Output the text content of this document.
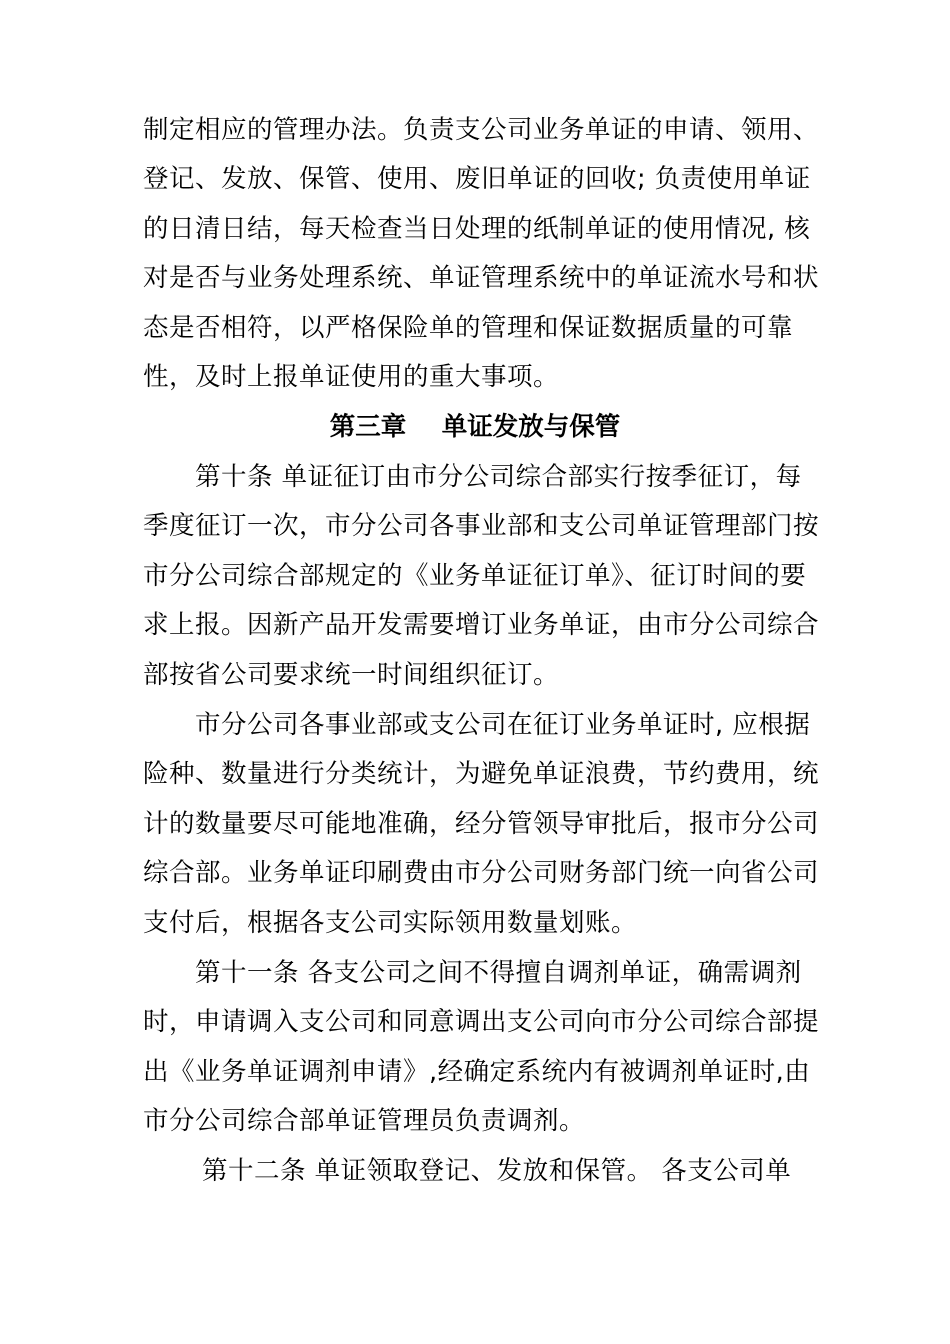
制定相应的管理办法。负责支公司业务单证的申请、领用、
登记、发放、保管、使用、废旧单证的回收; 负责使用单证
的日清日结，每天检查当日处理的纸制单证的使用情况, 核
对是否与业务处理系统、单证管理系统中的单证流水号和状
态是否相符，以严格保险单的管理和保证数据质量的可靠
性，及时上报单证使用的重大事项。
第三章    单证发放与保管
第十条 单证征订由市分公司综合部实行按季征订，每
季度征订一次，市分公司各事业部和支公司单证管理部门按
市分公司综合部规定的《业务单证征订单》、征订时间的要
求上报。因新产品开发需要增订业务单证，由市分公司综合
部按省公司要求统一时间组织征订。
市分公司各事业部或支公司在征订业务单证时, 应根据
险种、数量进行分类统计，为避免单证浪费，节约费用，统
计的数量要尽可能地准确，经分管领导审批后，报市分公司
综合部。业务单证印刷费由市分公司财务部门统一向省公司
支付后，根据各支公司实际领用数量划账。
第十一条 各支公司之间不得擅自调剂单证，确需调剂
时，申请调入支公司和同意调出支公司向市分公司综合部提
出《业务单证调剂申请》,经确定系统内有被调剂单证时,由
市分公司综合部单证管理员负责调剂。
第十二条 单证领取登记、发放和保管。 各支公司单
